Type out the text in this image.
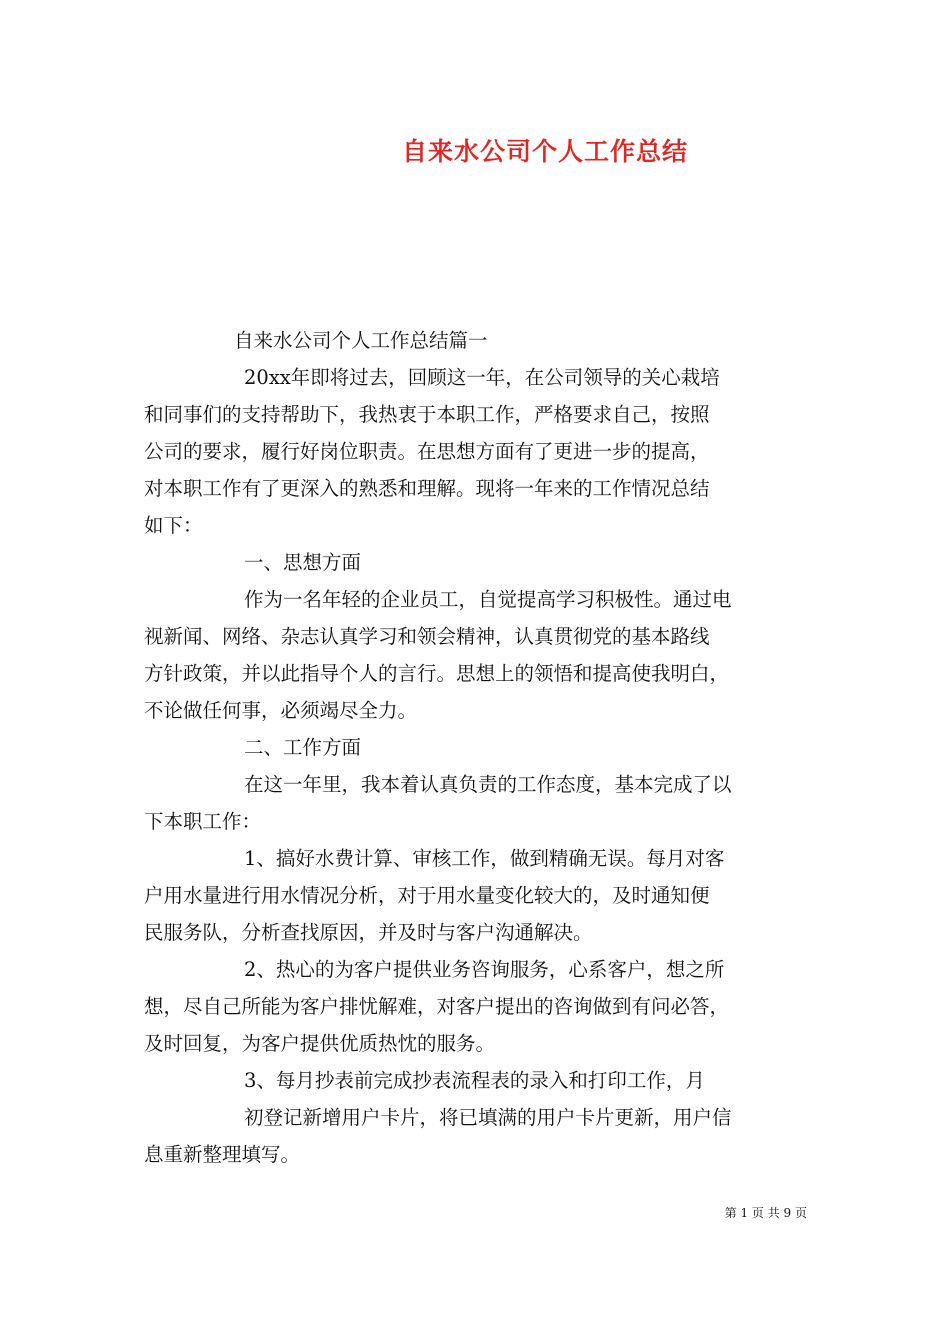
自来水公司个人工作总结
自来水公司个人工作总结篇一
20xx年即将过去，回顾这一年，在公司领导的关心栽培
和同事们的支持帮助下，我热衷于本职工作，严格要求自己，按照
公司的要求，履行好岗位职责。在思想方面有了更进一步的提高，
对本职工作有了更深入的熟悉和理解。现将一年来的工作情况总结
如下：
一、思想方面
作为一名年轻的企业员工，自觉提高学习积极性。通过电
视新闻、网络、杂志认真学习和领会精神，认真贯彻党的基本路线
方针政策，并以此指导个人的言行。思想上的领悟和提高使我明白，
不论做任何事，必须竭尽全力。
二、工作方面
在这一年里，我本着认真负责的工作态度，基本完成了以
下本职工作：
1、搞好水费计算、审核工作，做到精确无误。每月对客
户用水量进行用水情况分析，对于用水量变化较大的，及时通知便
民服务队，分析查找原因，并及时与客户沟通解决。
2、热心的为客户提供业务咨询服务，心系客户，想之所
想，尽自己所能为客户排忧解难，对客户提出的咨询做到有问必答，
及时回复，为客户提供优质热忱的服务。
3、每月抄表前完成抄表流程表的录入和打印工作，月
初登记新增用户卡片，将已填满的用户卡片更新，用户信
息重新整理填写。
第 1 页 共 9 页
